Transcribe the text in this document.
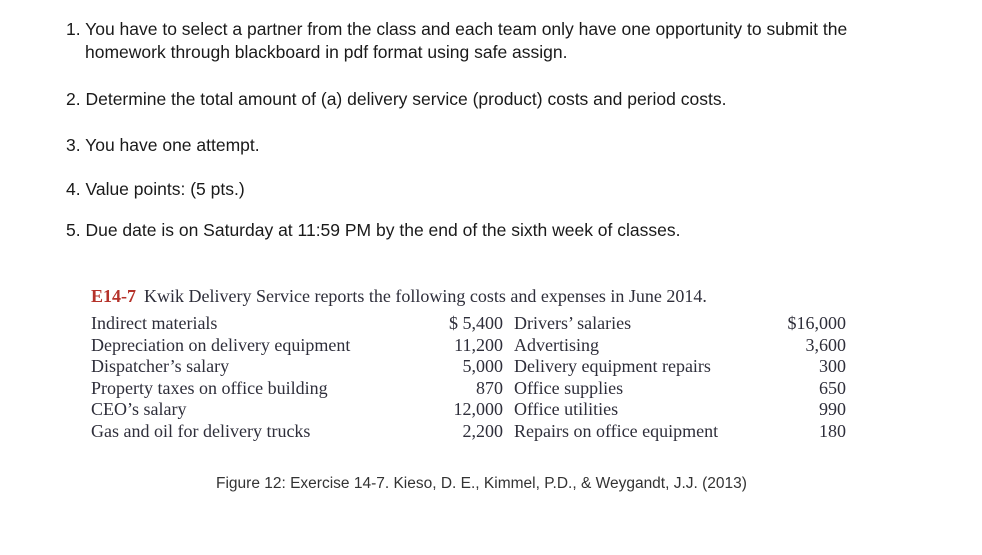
1. You have to select a partner from the class and each team only have one opportunity to submit the
homework through blackboard in pdf format using safe assign.
2. Determine the total amount of (a) delivery service (product) costs and period costs.
3. You have one attempt.
4. Value points: (5 pts.)
5. Due date is on Saturday at 11:59 PM by the end of the sixth week of classes.
E14-7 Kwik Delivery Service reports the following costs and expenses in June 2014.
Indirect materials	$ 5,400	Drivers’ salaries	$16,000
Depreciation on delivery equipment	11,200	Advertising	3,600
Dispatcher’s salary	5,000	Delivery equipment repairs	300
Property taxes on office building	870	Office supplies	650
CEO’s salary	12,000	Office utilities	990
Gas and oil for delivery trucks	2,200	Repairs on office equipment	180
Figure 12: Exercise 14-7. Kieso, D. E., Kimmel, P.D., & Weygandt, J.J. (2013)
